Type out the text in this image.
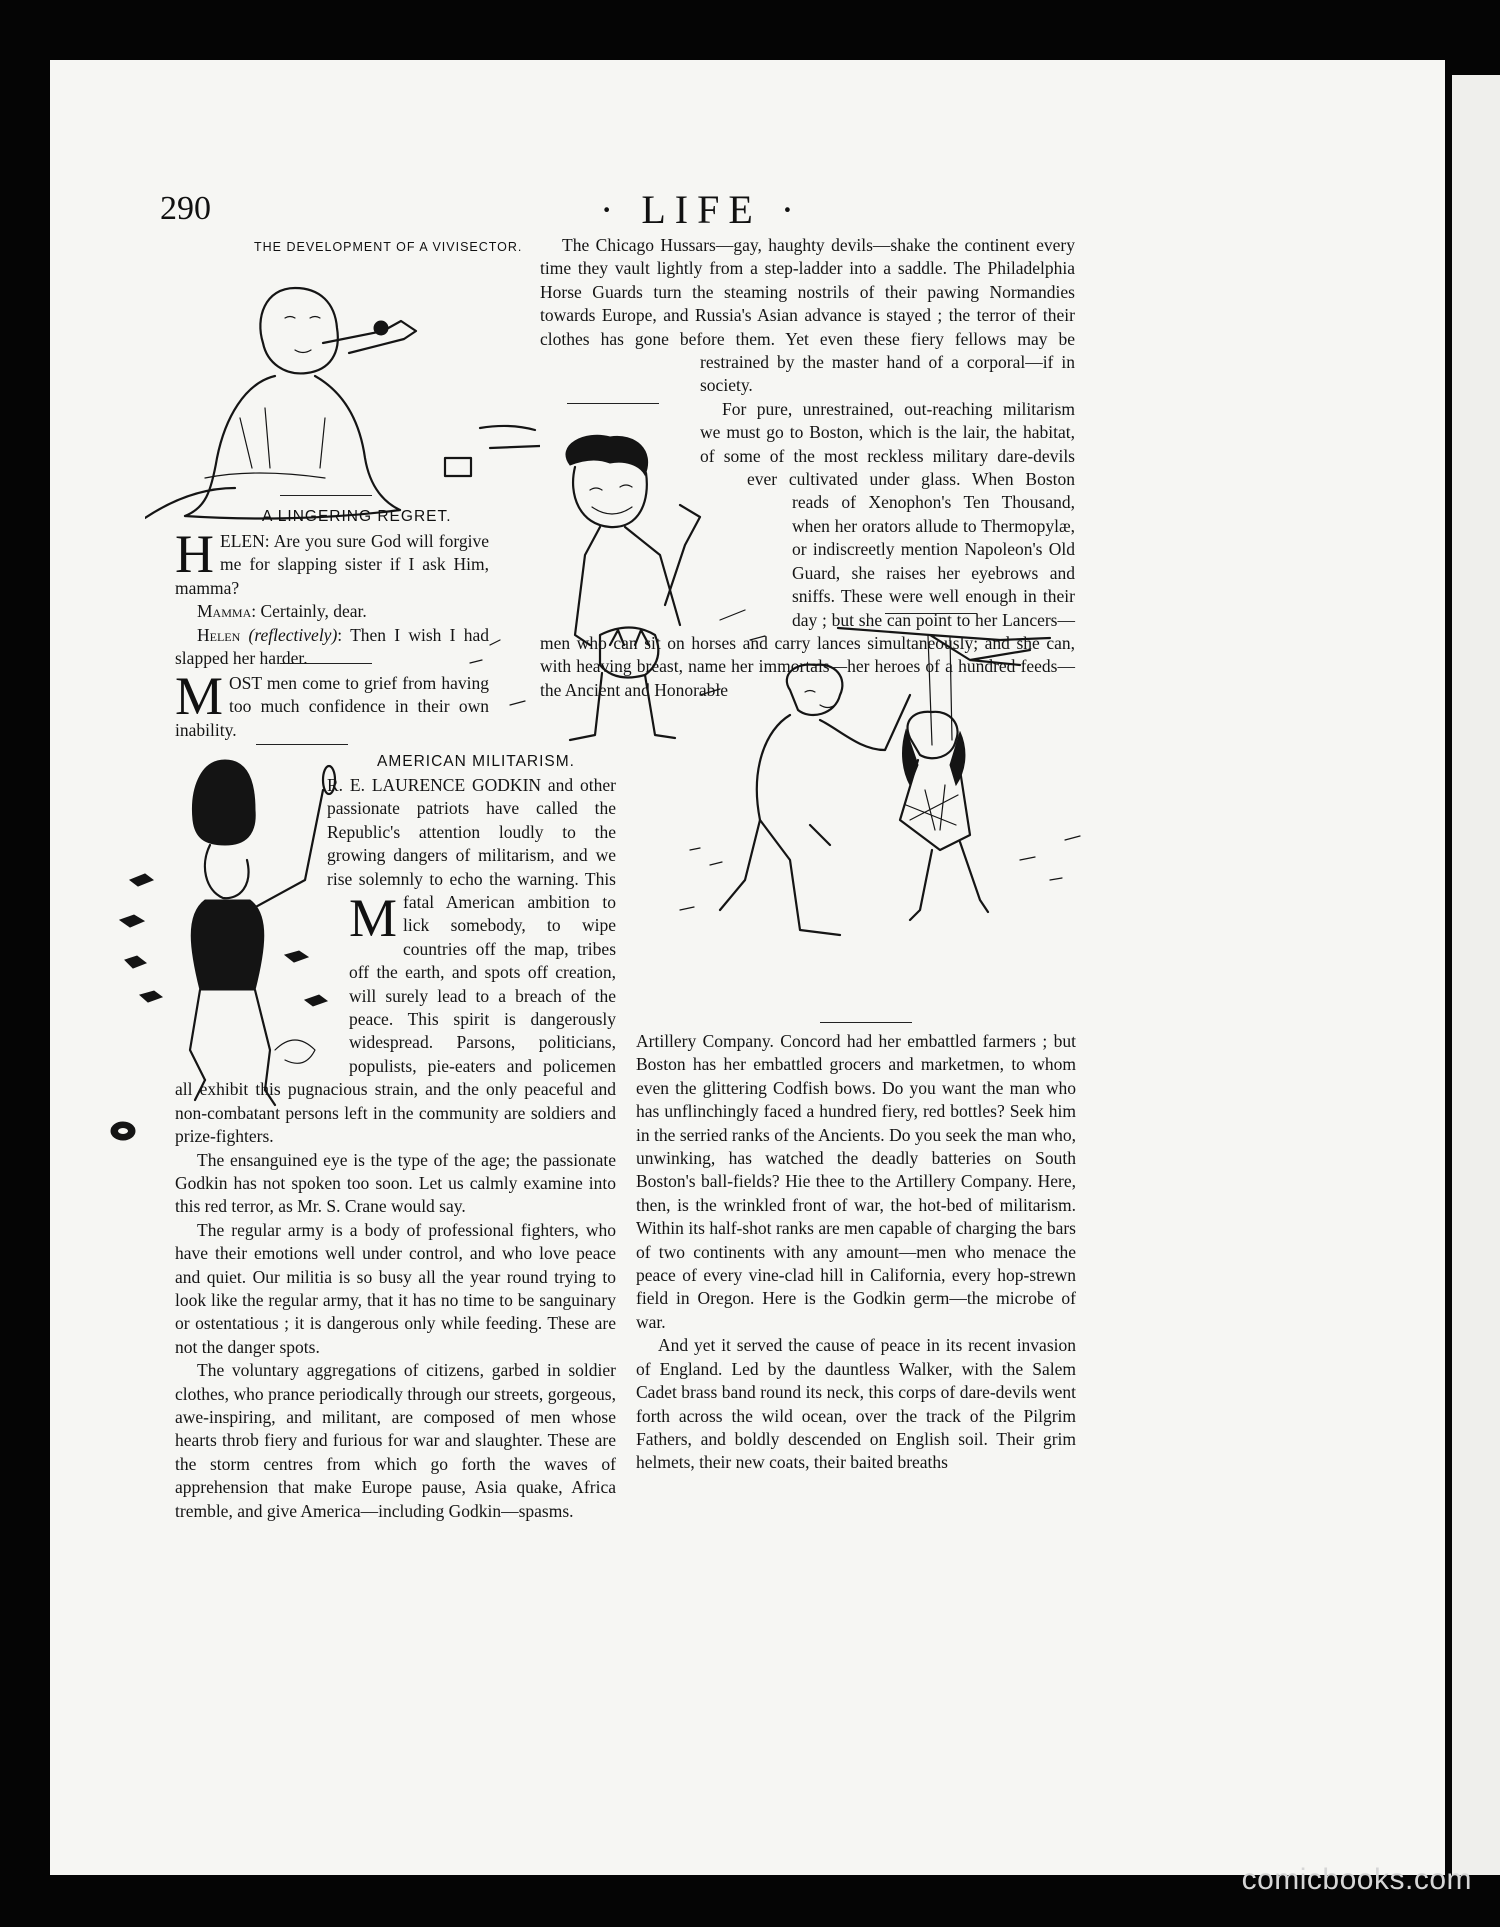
290	· LIFE ·
THE DEVELOPMENT OF A VIVISECTOR.
A LINGERING REGRET.

HELEN: Are you sure God will forgive me for slapping sister if I ask Him, mamma?

Mamma: Certainly, dear.

Helen (reflectively): Then I wish I had slapped her harder.

MOST men come to grief from having too much confidence in their own inability.

AMERICAN MILITARISM.

M
R. E. LAURENCE GODKIN and other passionate patriots have called the Republic's attention loudly to the growing dangers of militarism, and we rise solemnly to echo the warning. This fatal American ambition to lick somebody, to wipe countries off the map, tribes off the earth, and spots off creation, will surely lead to a breach of the peace. This spirit is dangerously widespread. Parsons, politicians, populists, pie-eaters and policemen all exhibit this pugnacious strain, and the only peaceful and non-combatant persons left in the community are soldiers and prize-fighters.

The ensanguined eye is the type of the age; the passionate Godkin has not spoken too soon. Let us calmly examine into this red terror, as Mr. S. Crane would say.

The regular army is a body of professional fighters, who have their emotions well under control, and who love peace and quiet. Our militia is so busy all the year round trying to look like the regular army, that it has no time to be sanguinary or ostentatious ; it is dangerous only while feeding. These are not the danger spots.

The voluntary aggregations of citizens, garbed in soldier clothes, who prance periodically through our streets, gorgeous, awe-inspiring, and militant, are composed of men whose hearts throb fiery and furious for war and slaughter. These are the storm centres from which go forth the waves of apprehension that make Europe pause, Asia quake, Africa tremble, and give America—including Godkin—spasms.

The Chicago Hussars—gay, haughty devils—shake the continent every time they vault lightly from a step-ladder into a saddle. The Philadelphia Horse Guards turn the steaming nostrils of their pawing Normandies towards Europe, and Russia's Asian advance is stayed ; the terror of their clothes has gone before them. Yet even these fiery fellows may be restrained by the master hand of a corporal—if in society.

For pure, unrestrained, out-reaching militarism we must go to Boston, which is the lair, the habitat, of some of the most reckless military dare-devils ever cultivated under glass. When Boston reads of Xenophon's Ten Thousand, when her orators allude to Thermopylæ, or indiscreetly mention Napoleon's Old Guard, she raises her eyebrows and sniffs. These were well enough in their day ; but she can point to her Lancers—men who can sit on horses and carry lances simultaneously; and she can, with heaving breast, name her immortals—her heroes of a hundred feeds—the Ancient and Honorable

Artillery Company. Concord had her embattled farmers ; but Boston has her embattled grocers and marketmen, to whom even the glittering Codfish bows. Do you want the man who has unflinchingly faced a hundred fiery, red bottles? Seek him in the serried ranks of the Ancients. Do you seek the man who, unwinking, has watched the deadly batteries on South Boston's ball-fields? Hie thee to the Artillery Company. Here, then, is the wrinkled front of war, the hot-bed of militarism. Within its half-shot ranks are men capable of charging the bars of two continents with any amount—men who menace the peace of every vine-clad hill in California, every hop-strewn field in Oregon. Here is the Godkin germ—the microbe of war.

And yet it served the cause of peace in its recent invasion of England. Led by the dauntless Walker, with the Salem Cadet brass band round its neck, this corps of dare-devils went forth across the wild ocean, over the track of the Pilgrim Fathers, and boldly descended on English soil. Their grim helmets, their new coats, their baited breaths

comicbooks.com
